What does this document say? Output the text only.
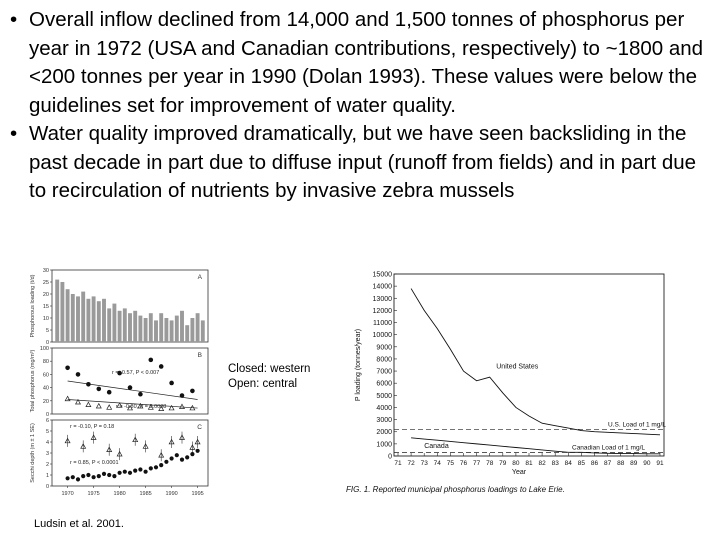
• Overall inflow declined from 14,000 and 1,500 tonnes of phosphorus per year in 1972 (USA and Canadian contributions, respectively) to ~1800 and <200 tonnes per year in 1990 (Dolan 1993). These values were below the guidelines set for improvement of water quality.
• Water quality improved dramatically, but we have seen backsliding in the past decade in part due to diffuse input (runoff from fields) and in part due to recirculation of nutrients by invasive zebra mussels
0
5
10
15
20
25
30
A
Phosphorous loading (t/d)
0
20
40
60
80
100
B
Total phosphorus (mg/m³)	r = -0.57, P < 0.007
r = -0.80, P = 0.0008
0
1
2
3
4
5
6
C
Secchi depth (m ± 1 SE)	r = -0.10, P = 0.18
r = 0.85, P < 0.0001
1970	1975	1980 1985	1990	1995
Closed: western
Open: central
Ludsin et al. 2001.
0
1000
2000
3000
4000
5000
6000
7000
8000
9000
10000
11000
12000
13000
14000
15000
71 72 73 74 75 76 77 78 79 80 81 82 83 84 85 86 87 88 89 90 91
Year
P loading (tonnes/year)
U.S. Load of 1 mg/L
Canadian Load of 1 mg/L
United States
Canada
FIG. 1. Reported municipal phosphorus loadings to Lake Erie.
